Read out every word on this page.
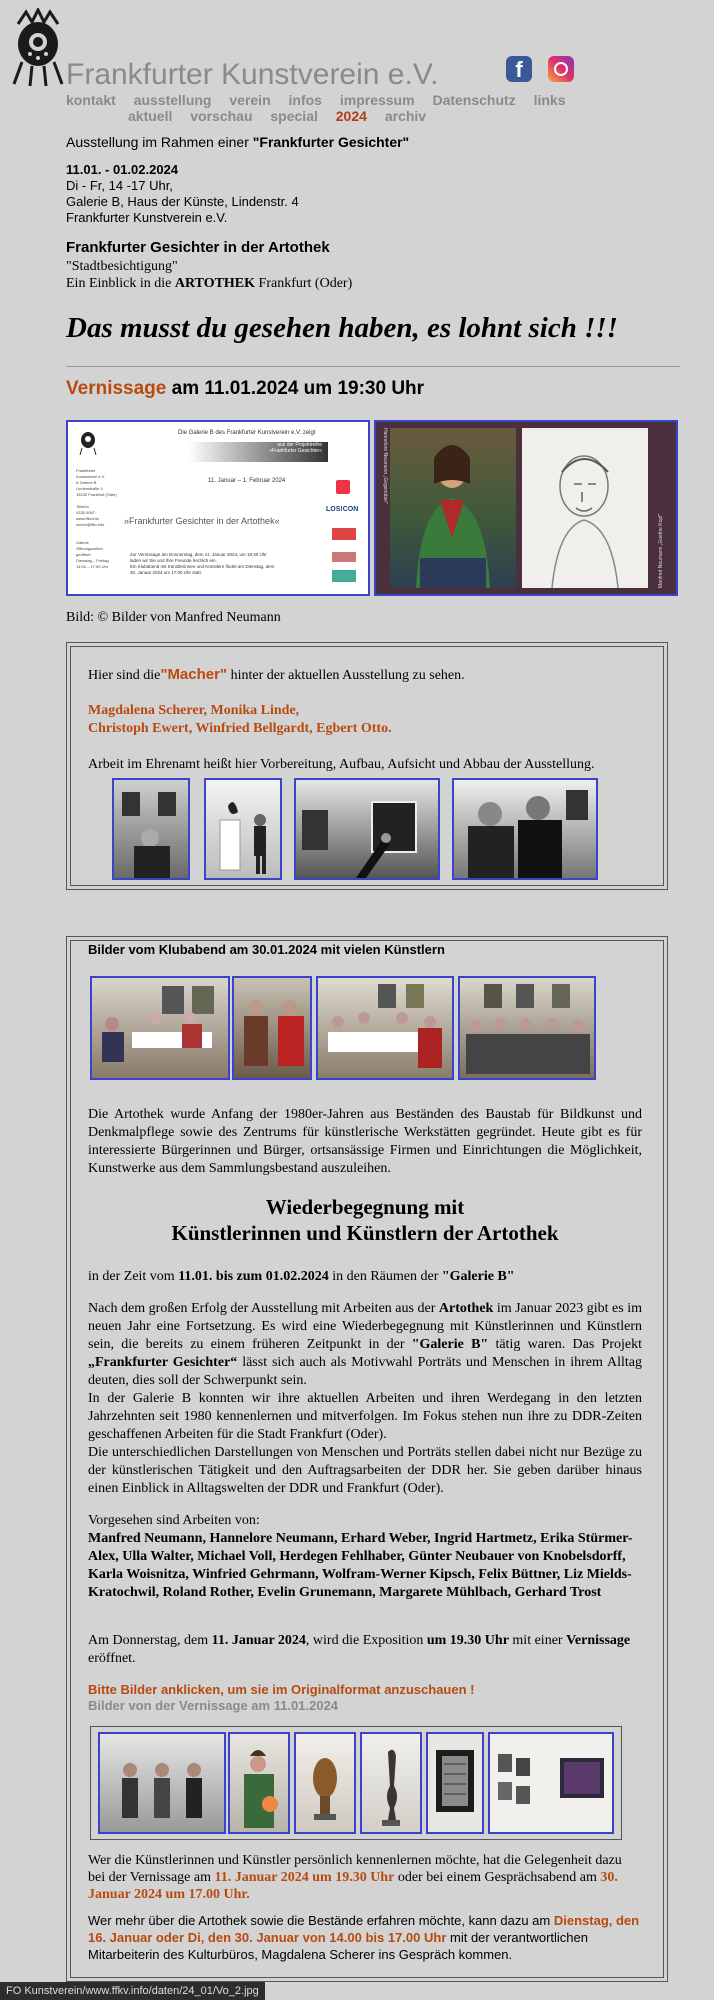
Frankfurter Kunstverein e.V.	f
kontakt ausstellung verein infos impressum Datenschutz links
aktuell vorschau special 2024 archiv
Ausstellung im Rahmen einer "Frankfurter Gesichter"
11.01. - 01.02.2024
Di - Fr, 14 -17 Uhr,
Galerie B, Haus der Künste, Lindenstr. 4
Frankfurter Kunstverein e.V.
Frankfurter Gesichter in der Artothek
"Stadtbesichtigung"
Ein Einblick in die ARTOTHEK Frankfurt (Oder)
Das musst du gesehen haben, es lohnt sich !!!
Vernissage am 11.01.2024 um 19:30 Uhr
Die Galerie B des Frankfurter Kunstverein e.V. zeigt
aus der Projektreihe
»Frankfurter Gesichter«
11. Januar – 1. Februar 2024
Frankfurter
Kunstverein e.V.
& Galerie B
Lindenstraße 4
15230 Frankfurt (Oder)
Telefon
0335 0067
www.ffkv.info
verein@ffkv.info
Galerie
Öffnungszeiten
geöffnet:
Dienstag – Freitag
14:00 – 17:00 Uhr
»Frankfurter Gesichter in der Artothek«
Zur Vernissage am Donnerstag, dem 11. Januar 2024, um 19:30 Uhr
laden wir Sie und Ihre Freunde herzlich ein.
Ein Klubabend mit Künstlerinnen und Künstlern findet am Dienstag, dem
30. Januar 2024 um 17:00 Uhr statt.
LOS!CON
Hannelore Neumann „Gegenüber“
Manfred Neumann „Goethe Kopf“
Bild: © Bilder von Manfred Neumann
Hier sind die"Macher" hinter der aktuellen Ausstellung zu sehen.
Magdalena Scherer, Monika Linde,
Christoph Ewert, Winfried Bellgardt, Egbert Otto.
Arbeit im Ehrenamt heißt hier Vorbereitung, Aufbau, Aufsicht und Abbau der Ausstellung.
Bilder vom Klubabend am 30.01.2024 mit vielen Künstlern
Die Artothek wurde Anfang der 1980er-Jahren aus Beständen des Baustab für Bildkunst und Denkmalpflege sowie des Zentrums für künstlerische Werkstätten gegründet. Heute gibt es für interessierte Bürgerinnen und Bürger, ortsansässige Firmen und Einrichtungen die Möglichkeit, Kunstwerke aus dem Sammlungsbestand auszuleihen.
Wiederbegegnung mit
Künstlerinnen und Künstlern der Artothek
in der Zeit vom 11.01. bis zum 01.02.2024 in den Räumen der "Galerie B"
Nach dem großen Erfolg der Ausstellung mit Arbeiten aus der Artothek im Januar 2023 gibt es im neuen Jahr eine Fortsetzung. Es wird eine Wiederbegegnung mit Künstlerinnen und Künstlern sein, die bereits zu einem früheren Zeitpunkt in der "Galerie B" tätig waren. Das Projekt „Frankfurter Gesichter“ lässt sich auch als Motivwahl Porträts und Menschen in ihrem Alltag deuten, dies soll der Schwerpunkt sein.
In der Galerie B konnten wir ihre aktuellen Arbeiten und ihren Werdegang in den letzten Jahrzehnten seit 1980 kennenlernen und mitverfolgen. Im Fokus stehen nun ihre zu DDR-Zeiten geschaffenen Arbeiten für die Stadt Frankfurt (Oder).
Die unterschiedlichen Darstellungen von Menschen und Porträts stellen dabei nicht nur Bezüge zu der künstlerischen Tätigkeit und den Auftragsarbeiten der DDR her. Sie geben darüber hinaus einen Einblick in Alltagswelten der DDR und Frankfurt (Oder).
Vorgesehen sind Arbeiten von:
Manfred Neumann, Hannelore Neumann, Erhard Weber, Ingrid Hartmetz, Erika Stürmer-Alex, Ulla Walter, Michael Voll, Herdegen Fehlhaber, Günter Neubauer von Knobelsdorff, Karla Woisnitza, Winfried Gehrmann, Wolfram-Werner Kipsch, Felix Büttner, Liz Mields-Kratochwil, Roland Rother, Evelin Grunemann, Margarete Mühlbach, Gerhard Trost
Am Donnerstag, dem 11. Januar 2024, wird die Exposition um 19.30 Uhr mit einer Vernissage eröffnet.
Bitte Bilder anklicken, um sie im Originalformat anzuschauen !
Bilder von der Vernissage am 11.01.2024
Wer die Künstlerinnen und Künstler persönlich kennenlernen möchte, hat die Gelegenheit dazu bei der Vernissage am 11. Januar 2024 um 19.30 Uhr oder bei einem Gesprächsabend am 30. Januar 2024 um 17.00 Uhr.
Wer mehr über die Artothek sowie die Bestände erfahren möchte, kann dazu am Dienstag, den 16. Januar oder Di, den 30. Januar von 14.00 bis 17.00 Uhr mit der verantwortlichen Mitarbeiterin des Kulturbüros, Magdalena Scherer ins Gespräch kommen.
FO Kunstverein/www.ffkv.info/daten/24_01/Vo_2.jpg
